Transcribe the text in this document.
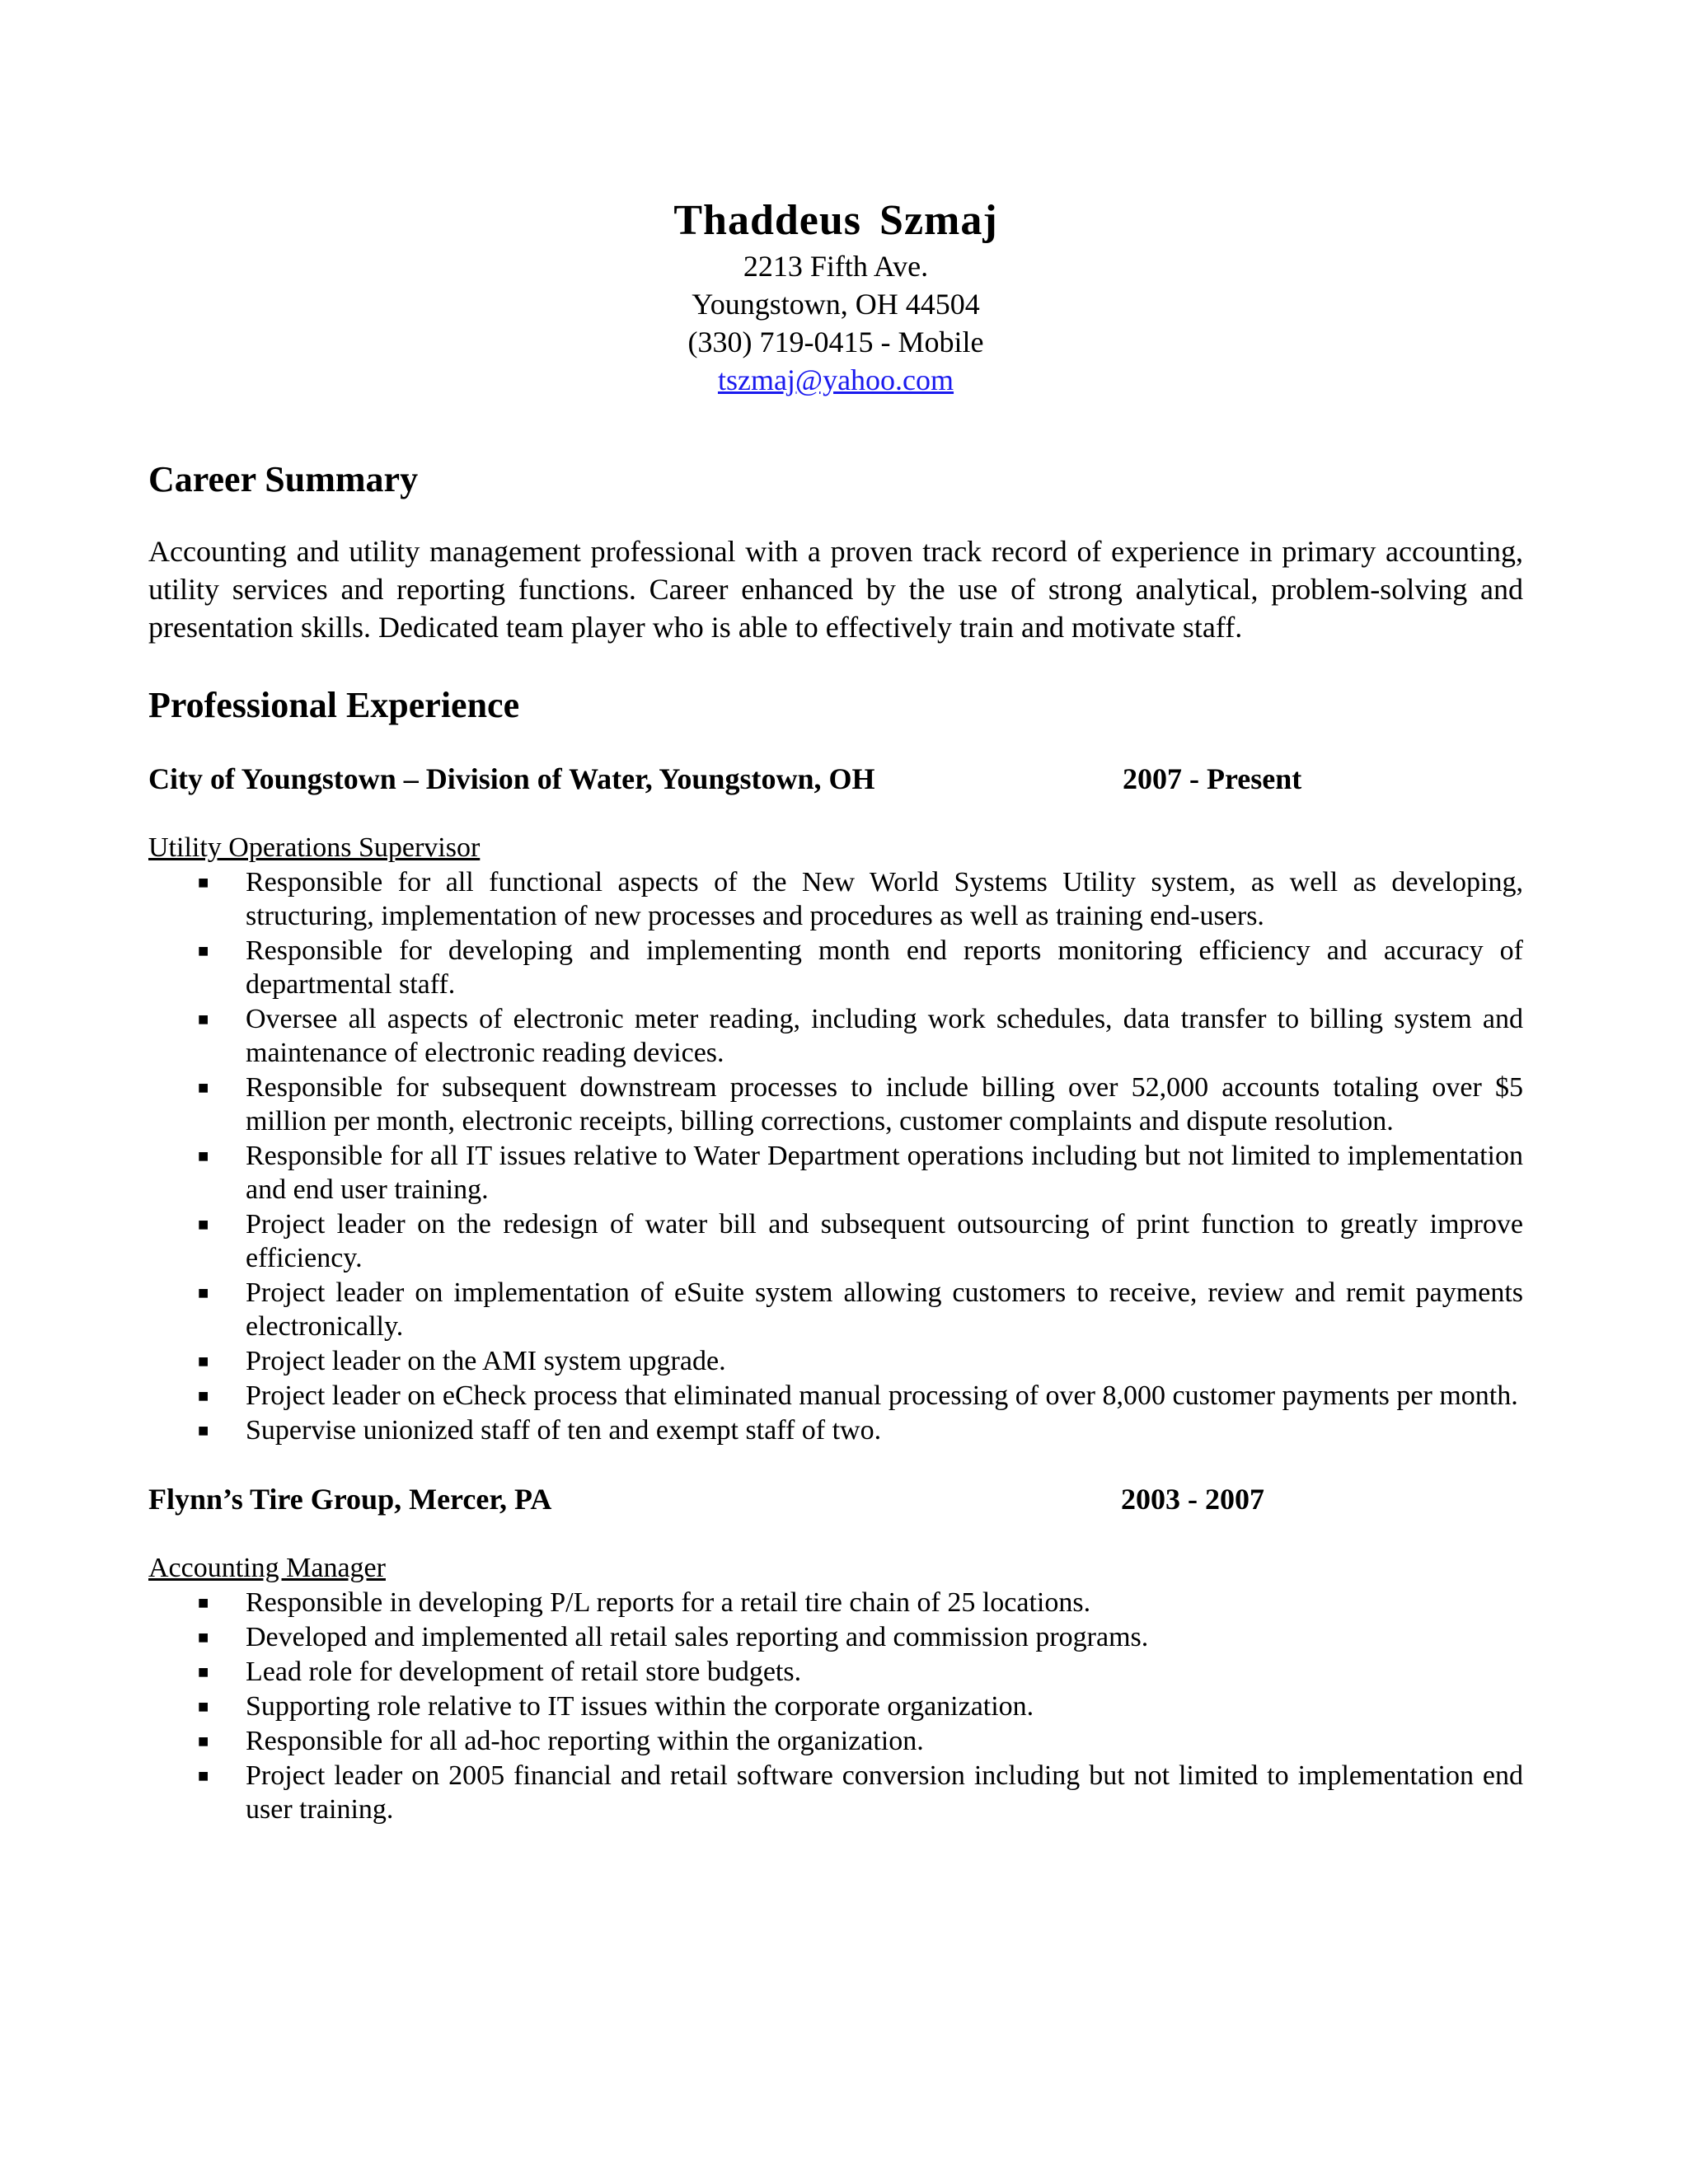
Thaddeus Szmaj
2213 Fifth Ave.
Youngstown, OH 44504
(330) 719-0415 - Mobile
tszmaj@yahoo.com
Career Summary

Accounting and utility management professional with a proven track record of experience in primary accounting, utility services and reporting functions. Career enhanced by the use of strong analytical, problem-solving and presentation skills. Dedicated team player who is able to effectively train and motivate staff.

Professional Experience
City of Youngstown – Division of Water, Youngstown, OH	2007 - Present
Utility Operations Supervisor
■ Responsible for all functional aspects of the New World Systems Utility system, as well as developing, structuring, implementation of new processes and procedures as well as training end-users.
■ Responsible for developing and implementing month end reports monitoring efficiency and accuracy of departmental staff.
■ Oversee all aspects of electronic meter reading, including work schedules, data transfer to billing system and maintenance of electronic reading devices.
■ Responsible for subsequent downstream processes to include billing over 52,000 accounts totaling over $5 million per month, electronic receipts, billing corrections, customer complaints and dispute resolution.
■ Responsible for all IT issues relative to Water Department operations including but not limited to implementation and end user training.
■ Project leader on the redesign of water bill and subsequent outsourcing of print function to greatly improve efficiency.
■ Project leader on implementation of eSuite system allowing customers to receive, review and remit payments electronically.
■ Project leader on the AMI system upgrade.
■ Project leader on eCheck process that eliminated manual processing of over 8,000 customer payments per month.
■ Supervise unionized staff of ten and exempt staff of two.
Flynn’s Tire Group, Mercer, PA	2003 - 2007
Accounting Manager
■ Responsible in developing P/L reports for a retail tire chain of 25 locations.
■ Developed and implemented all retail sales reporting and commission programs.
■ Lead role for development of retail store budgets.
■ Supporting role relative to IT issues within the corporate organization.
■ Responsible for all ad-hoc reporting within the organization.
■ Project leader on 2005 financial and retail software conversion including but not limited to implementation end user training.
